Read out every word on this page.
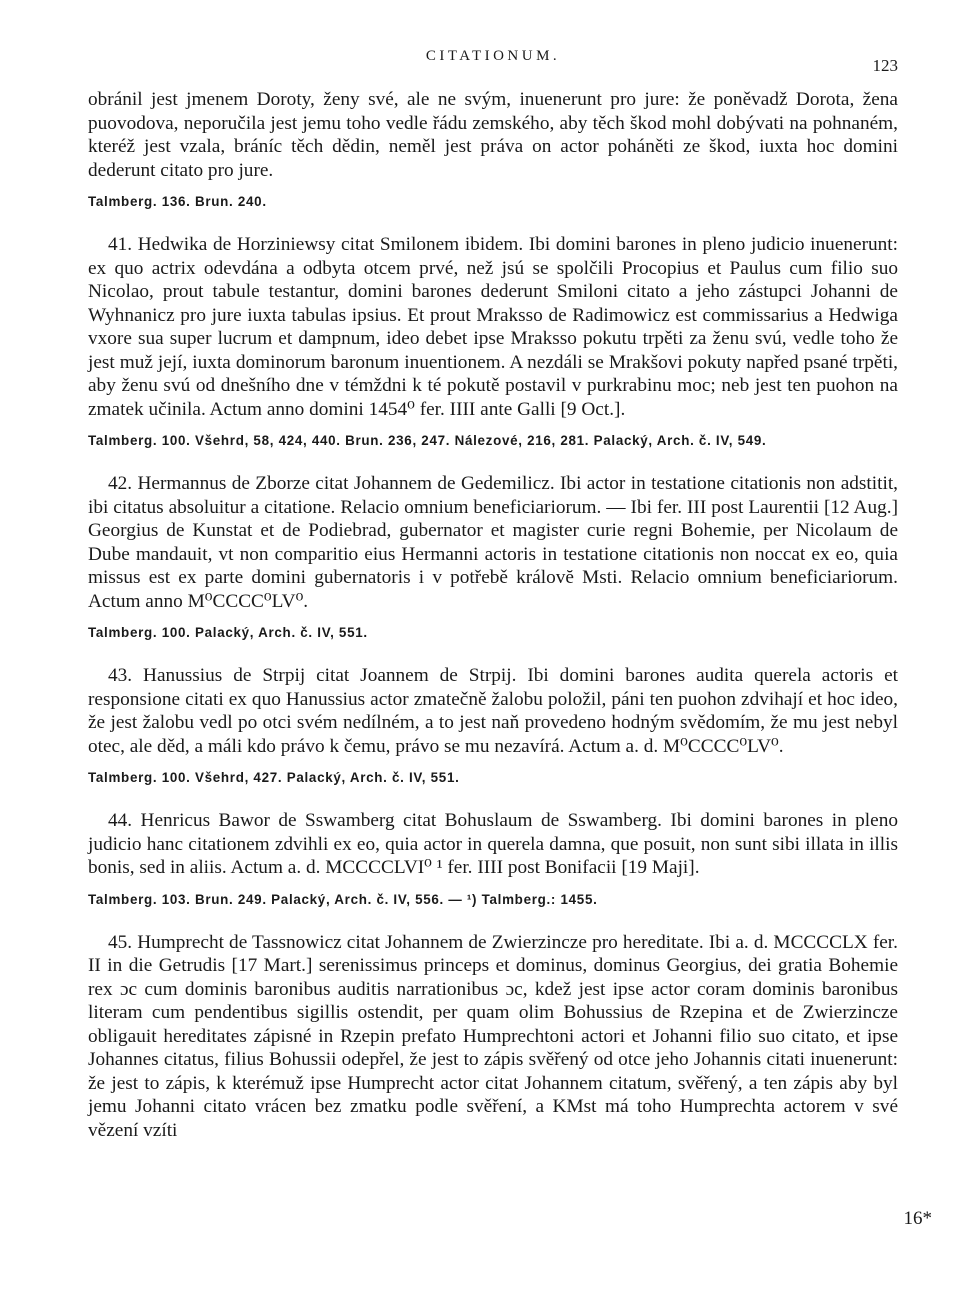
CITATIONUM.	123

obránil jest jmenem Doroty, ženy své, ale ne svým, inuenerunt pro jure: že poněvadž Dorota, žena puovodova, neporučila jest jemu toho vedle řádu zemského, aby těch škod mohl dobývati na pohnaném, kteréž jest vzala, bráníc těch dědin, neměl jest práva on actor poháněti ze škod, iuxta hoc domini dederunt citato pro jure.

Talmberg. 136. Brun. 240.

41. Hedwika de Horziniewsy citat Smilonem ibidem. Ibi domini barones in pleno judicio inuenerunt: ex quo actrix odevdána a odbyta otcem prvé, než jsú se spolčili Procopius et Paulus cum filio suo Nicolao, prout tabule testantur, domini barones dederunt Smiloni citato a jeho zástupci Johanni de Wyhnanicz pro jure iuxta tabulas ipsius. Et prout Mraksso de Radimowicz est commissarius a Hedwiga vxore sua super lucrum et dampnum, ideo debet ipse Mraksso pokutu trpěti za ženu svú, vedle toho že jest muž její, iuxta dominorum baronum inuentionem. A nezdáli se Mrakšovi pokuty napřed psané trpěti, aby ženu svú od dnešního dne v témždni k té pokutě postavil v purkrabinu moc; neb jest ten puohon na zmatek učinila. Actum anno domini 1454⁰ fer. IIII ante Galli [9 Oct.].

Talmberg. 100. Všehrd, 58, 424, 440. Brun. 236, 247. Nálezové, 216, 281. Palacký, Arch. č. IV, 549.

42. Hermannus de Zborze citat Johannem de Gedemilicz. Ibi actor in testatione citationis non adstitit, ibi citatus absoluitur a citatione. Relacio omnium beneficiariorum. — Ibi fer. III post Laurentii [12 Aug.] Georgius de Kunstat et de Podiebrad, gubernator et magister curie regni Bohemie, per Nicolaum de Dube mandauit, vt non comparitio eius Hermanni actoris in testatione citationis non noccat ex eo, quia missus est ex parte domini gubernatoris i v potřebě královĕ Msti. Relacio omnium beneficiariorum. Actum anno M⁰CCCC⁰LV⁰.

Talmberg. 100. Palacký, Arch. č. IV, 551.

43. Hanussius de Strpij citat Joannem de Strpij. Ibi domini barones audita querela actoris et responsione citati ex quo Hanussius actor zmatečně žalobu položil, páni ten puohon zdvihají et hoc ideo, že jest žalobu vedl po otci svém nedílném, a to jest naň provedeno hodným svědomím, že mu jest nebyl otec, ale děd, a máli kdo právo k čemu, právo se mu nezavírá. Actum a. d. M⁰CCCC⁰LV⁰.

Talmberg. 100. Všehrd, 427. Palacký, Arch. č. IV, 551.

44. Henricus Bawor de Sswamberg citat Bohuslaum de Sswamberg. Ibi domini barones in pleno judicio hanc citationem zdvihli ex eo, quia actor in querela damna, que posuit, non sunt sibi illata in illis bonis, sed in aliis. Actum a. d. MCCCCLVI⁰ ¹ fer. IIII post Bonifacii [19 Maji].

Talmberg. 103. Brun. 249. Palacký, Arch. č. IV, 556. — ¹) Talmberg.: 1455.

45. Humprecht de Tassnowicz citat Johannem de Zwierzincze pro hereditate. Ibi a. d. MCCCCLX fer. II in die Getrudis [17 Mart.] serenissimus princeps et dominus, dominus Georgius, dei gratia Bohemie rex ɔc cum dominis baronibus auditis narrationibus ɔc, kdež jest ipse actor coram dominis baronibus literam cum pendentibus sigillis ostendit, per quam olim Bohussius de Rzepina et de Zwierzincze obligauit hereditates zápisné in Rzepin prefato Humprechtoni actori et Johanni filio suo citato, et ipse Johannes citatus, filius Bohussii odepřel, že jest to zápis svěřený od otce jeho Johannis citati inuenerunt: že jest to zápis, k kterémuž ipse Humprecht actor citat Johannem citatum, svěřený, a ten zápis aby byl jemu Johanni citato vrácen bez zmatku podle svěření, a KMst má toho Humprechta actorem v své vězení vzíti

16*
